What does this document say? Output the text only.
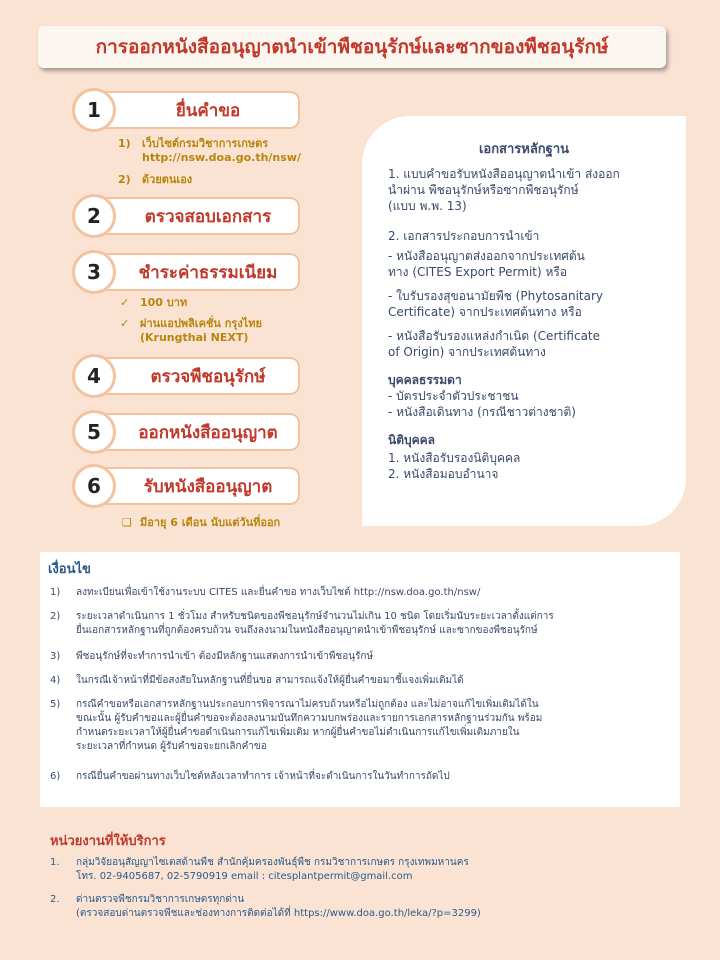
การออกหนังสืออนุญาตนำเข้าพืชอนุรักษ์และซากของพืชอนุรักษ์
1	ยื่นคำขอ
2	ตรวจสอบเอกสาร
3 ชำระค่าธรรมเนียม
4	ตรวจพืชอนุรักษ์
5 ออกหนังสืออนุญาต
6	รับหนังสืออนุญาต
1) เว็บไซต์กรมวิชาการเกษตร
http://nsw.doa.go.th/nsw/
2) ด้วยตนเอง
✓ 100 บาท
✓ ผ่านแอปพลิเคชั่น กรุงไทย
(Krungthai NEXT)
❑ มีอายุ 6 เดือน นับแต่วันที่ออก
เอกสารหลักฐาน
1. แบบคำขอรับหนังสืออนุญาตนำเข้า ส่งออก
นำผ่าน พืชอนุรักษ์หรือซากพืชอนุรักษ์
(แบบ พ.พ. 13)
2. เอกสารประกอบการนำเข้า
- หนังสืออนุญาตส่งออกจากประเทศต้น
ทาง (CITES Export Permit) หรือ
- ใบรับรองสุขอนามัยพืช (Phytosanitary
Certificate) จากประเทศต้นทาง หรือ
- หนังสือรับรองแหล่งกำเนิด (Certificate
of Origin) จากประเทศต้นทาง
บุคคลธรรมดา
- บัตรประจำตัวประชาชน
- หนังสือเดินทาง (กรณีชาวต่างชาติ)
นิติบุคคล
1. หนังสือรับรองนิติบุคคล
2. หนังสือมอบอำนาจ
เงื่อนไข
1) ลงทะเบียนเพื่อเข้าใช้งานระบบ CITES และยื่นคำขอ ทางเว็บไซต์ http://nsw.doa.go.th/nsw/
2) ระยะเวลาดำเนินการ 1 ชั่วโมง สำหรับชนิดของพืชอนุรักษ์จำนวนไม่เกิน 10 ชนิด โดยเริ่มนับระยะเวลาตั้งแต่การ
ยื่นเอกสารหลักฐานที่ถูกต้องครบถ้วน จนถึงลงนามในหนังสืออนุญาตนำเข้าพืชอนุรักษ์ และซากของพืชอนุรักษ์
3) พืชอนุรักษ์ที่จะทำการนำเข้า ต้องมีหลักฐานแสดงการนำเข้าพืชอนุรักษ์
4) ในกรณีเจ้าหน้าที่มีข้อสงสัยในหลักฐานที่ยื่นขอ สามารถแจ้งให้ผู้ยื่นคำขอมาชี้แจงเพิ่มเติมได้
5) กรณีคำขอหรือเอกสารหลักฐานประกอบการพิจารณาไม่ครบถ้วนหรือไม่ถูกต้อง และไม่อาจแก้ไขเพิ่มเติมได้ใน
ขณะนั้น ผู้รับคำขอและผู้ยื่นคำขอจะต้องลงนามบันทึกความบกพร่องและรายการเอกสารหลักฐานร่วมกัน พร้อม
กำหนดระยะเวลาให้ผู้ยื่นคำขอดำเนินการแก้ไขเพิ่มเติม หากผู้ยื่นคำขอไม่ดำเนินการแก้ไขเพิ่มเติมภายใน
ระยะเวลาที่กำหนด ผู้รับคำขอจะยกเลิกคำขอ
6) กรณียื่นคำขอผ่านทางเว็บไซต์หลังเวลาทำการ เจ้าหน้าที่จะดำเนินการในวันทำการถัดไป
หน่วยงานที่ให้บริการ
1. กลุ่มวิจัยอนุสัญญาไซเตสด้านพืช สำนักคุ้มครองพันธุ์พืช กรมวิชาการเกษตร กรุงเทพมหานคร
โทร. 02-9405687, 02-5790919 email : citesplantpermit@gmail.com
2. ด่านตรวจพืชกรมวิชาการเกษตรทุกด่าน
(ตรวจสอบด่านตรวจพืชและช่องทางการติดต่อได้ที่ https://www.doa.go.th/leka/?p=3299)
